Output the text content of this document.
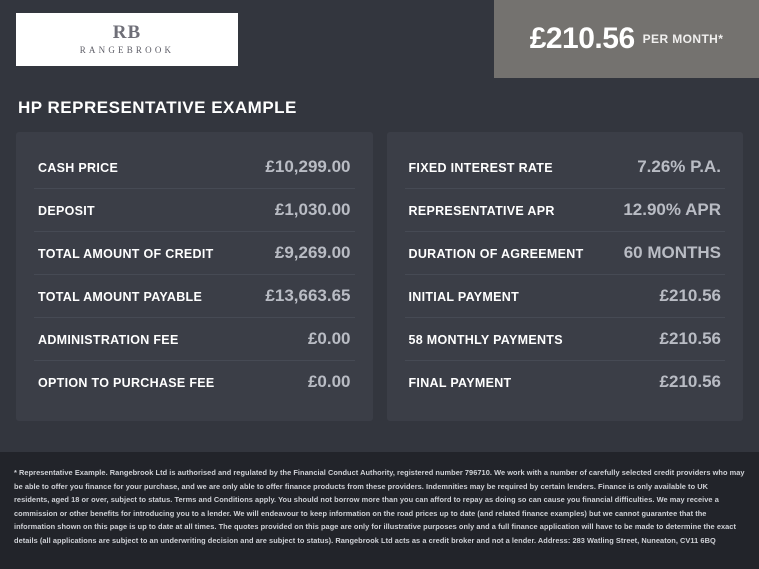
RB
RANGEBROOK	£210.56 PER MONTH*
HP REPRESENTATIVE EXAMPLE
CASH PRICE	£10,299.00
DEPOSIT	£1,030.00
TOTAL AMOUNT OF CREDIT	£9,269.00
TOTAL AMOUNT PAYABLE	£13,663.65
ADMINISTRATION FEE	£0.00
OPTION TO PURCHASE FEE	£0.00
FIXED INTEREST RATE	7.26% P.A.
REPRESENTATIVE APR	12.90% APR
DURATION OF AGREEMENT 60 MONTHS
INITIAL PAYMENT	£210.56
58 MONTHLY PAYMENTS	£210.56
FINAL PAYMENT	£210.56

* Representative Example. Rangebrook Ltd is authorised and regulated by the Financial Conduct Authority, registered number 796710. We work with a number of carefully selected credit providers who may be able to offer you finance for your purchase, and we are only able to offer finance products from these providers. Indemnities may be required by certain lenders. Finance is only available to UK residents, aged 18 or over, subject to status. Terms and Conditions apply. You should not borrow more than you can afford to repay as doing so can cause you financial difficulties. We may receive a commission or other benefits for introducing you to a lender. We will endeavour to keep information on the road prices up to date (and related finance examples) but we cannot guarantee that the information shown on this page is up to date at all times. The quotes provided on this page are only for illustrative purposes only and a full finance application will have to be made to determine the exact details (all applications are subject to an underwriting decision and are subject to status). Rangebrook Ltd acts as a credit broker and not a lender. Address: 283 Watling Street, Nuneaton, CV11 6BQ
